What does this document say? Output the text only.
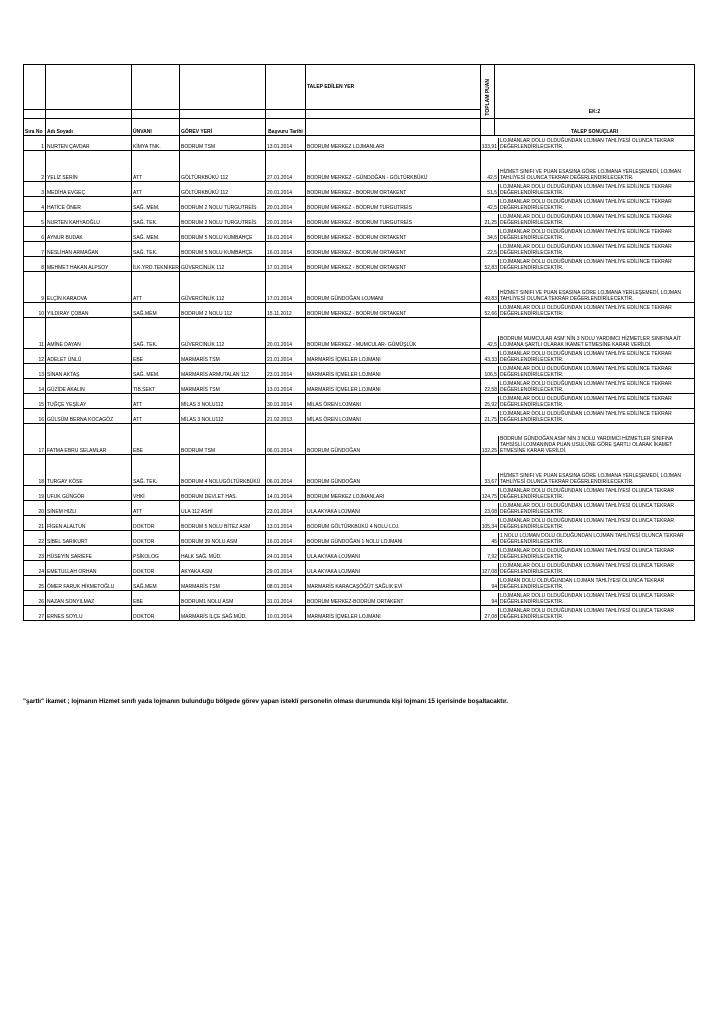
					TALEP EDİLEN YER	TOPLAM PUAN	EK:2

Sıra No	Adı Soyadı	ÜNVANI	GÖREV YERİ	Başvuru Tarihi			TALEP SONUÇLARI
1	NURTEN ÇAVDAR	KİMYA TNK.	BODRUM TSM	13.01.2014	BODRUM MERKEZ LOJMANLARI	133,91
LOJMANLAR DOLU OLDUĞUNDAN LOJMAN TAHLİYESİ OLUNCA TEKRAR DEĞERLENDİRİLECEKTİR.	

2	YELİZ SERİN	ATT	GÖLTÜRKBÜKÜ 112	27.01.2014	BODRUM MERKEZ - GÜNDOĞAN - GÖLTÜRKBÜKÜ	42,5
HİZMET SINIFI VE PUAN ESASINA GÖRE LOJMANA YERLEŞEMEDİ, LOJMAN TAHLİYESİ OLUNCA TEKRAR DEĞERLENDİRİLECEKTİR.	

3	MEDİHA EVGEÇ	ATT	GÖLTÜRKBÜKÜ 112	20.01.2014	BODRUM MERKEZ - BODRUM ORTAKENT	51,5
LOJMANLAR DOLU OLDUĞUNDAN LOJMAN TAHLİYE EDİLİNCE TEKRAR DEĞERLENDİRİLECEKTİR.	

4	HATİCE ÖNER	SAĞ. MEM.	BODRUM 2 NOLU TURGUTREİS	20.01.2014	BODRUM MERKEZ - BODRUM TURGUTREİS	42,5
LOJMANLAR DOLU OLDUĞUNDAN LOJMAN TAHLİYE EDİLİNCE TEKRAR DEĞERLENDİRİLECEKTİR.	

5	NURTEN KAHYAOĞLU	SAĞ. TEK.	BODRUM 2 NOLU TURGUTREİS	20.01.2014	BODRUM MERKEZ - BODRUM TURGUTREİS	21,25
LOJMANLAR DOLU OLDUĞUNDAN LOJMAN TAHLİYE EDİLİNCE TEKRAR DEĞERLENDİRİLECEKTİR.	

6	AYNUR BUDAK	SAĞ. MEM.	BODRUM 5 NOLU KUMBAHÇE	16.01.2014	BODRUM MERKEZ - BODRUM ORTAKENT	34,5
LOJMANLAR DOLU OLDUĞUNDAN LOJMAN TAHLİYE EDİLİNCE TEKRAR DEĞERLENDİRİLECEKTİR.	

7	NESLİHAN ARMAĞAN	SAĞ. TEK.	BODRUM 5 NOLU KUMBAHÇE	16.01.2014	BODRUM MERKEZ - BODRUM ORTAKENT	22,5
LOJMANLAR DOLU OLDUĞUNDAN LOJMAN TAHLİYE EDİLİNCE TEKRAR DEĞERLENDİRİLECEKTİR.	

8	MEHMET HAKAN ALPSOY	İLK.YRD.TEKNİKER	GÜVERCİNLİK 112	17.01.2014	BODRUM MERKEZ - BODRUM ORTAKENT	52,83
LOJMANLAR DOLU OLDUĞUNDAN LOJMAN TAHLİYE EDİLİNCE TEKRAR DEĞERLENDİRİLECEKTİR.	

9	ELÇİN KARAOVA	ATT	GÜVERCİNLİK 112	17.01.2014	BODRUM GÜNDOĞAN LOJMANI	49,83
HİZMET SINIFI VE PUAN ESASINA GÖRE LOJMANA YERLEŞEMEDİ, LOJMAN TAHLİYESİ OLUNCA TEKRAR DEĞERLENDİRİLECEKTİR.	

10	YILDIRAY ÇOBAN	SAĞ.MEM	BODRUM 2 NOLU 112	15.11.2012	BODRUM MERKEZ - BODRUM ORTAKENT	52,66
LOJMANLAR DOLU OLDUĞUNDAN LOJMAN TAHLİYE EDİLİNCE TEKRAR DEĞERLENDİRİLECEKTİR.	

11	AMİNE DAYAN	SAĞ. TEK.	GÜVERCİNLİK 112	20.01.2014	BODRUM MERKEZ - MUMCULAR- GÜMÜŞLÜK	42,5
BODRUM MUMCULAR ASM' NİN 3 NOLU YARDIMCI HİZMETLER SINIFINA AİT LOJMANA ŞARTLI OLARAK İKAMET ETMESİNE KARAR VERİLDİ.	

12	ADELET ÜNLÜ	EBE	MARMARİS TSM	21.01.2014	MARMARİS İÇMELER LOJMANI	43,33
LOJMANLAR DOLU OLDUĞUNDAN LOJMAN TAHLİYE EDİLİNCE TEKRAR DEĞERLENDİRİLECEKTİR.	

13	SİNAN AKTAŞ	SAĞ. MEM.	MARMARİS ARMUTALAN 112	23.01.2014	MARMARİS İÇMELER LOJMANI	106,5
LOJMANLAR DOLU OLDUĞUNDAN LOJMAN TAHLİYE EDİLİNCE TEKRAR DEĞERLENDİRİLECEKTİR.	

14	GÜZİDE AKALIN	TIB.SEKT	MARMARİS TSM	13.01.2014	MARMARİS İÇMELER LOJMANI	22,58
LOJMANLAR DOLU OLDUĞUNDAN LOJMAN TAHLİYE EDİLİNCE TEKRAR DEĞERLENDİRİLECEKTİR.	

15	TUĞÇE YEŞİLAY	ATT	MİLAS 3 NOLU112	30.01.2014	MİLAS ÖREN LOJMANI	25,92
LOJMANLAR DOLU OLDUĞUNDAN LOJMAN TAHLİYE EDİLİNCE TEKRAR DEĞERLENDİRİLECEKTİR.	

16	GÜLSÜM BERNA KOCAGÖZ	ATT	MİLAS 3 NOLU112	21.02.2013	MİLAS ÖREN LOJMANI	21,75
LOJMANLAR DOLU OLDUĞUNDAN LOJMAN TAHLİYE EDİLİNCE TEKRAR DEĞERLENDİRİLECEKTİR.	

17	FATMA EBRU SELAMLAR	EBE	BODRUM TSM	06.01.2014	BODRUM GÜNDOĞAN	132,25
BODRUM GÜNDOĞAN ASM' NİN 3 NOLU YARDIMCI HİZMETLER SINIFINA TAHSİSLİ LOJMANINDA PUAN USULÜNE GÖRE ŞARTLI OLARAK İKAMET ETMESİNE KARAR VERİLDİ.	

18	TURGAY KÖSE	SAĞ. TEK.	BODRUM 4 NOLUGÖLTÜRKBÜKÜ	06.01.2014	BODRUM GÜNDOĞAN	33,67
HİZMET SINIFI VE PUAN ESASINA GÖRE LOJMANA YERLEŞEMEDİ, LOJMAN TAHLİYESİ OLUNCA TEKRAR DEĞERLENDİRİLECEKTİR.	

19	UFUK GÜNGÖR	VHKİ	BODRUM DEVLET HAS.	14.01.2014	BODRUM MERKEZ LOJMANLARI	124,75
LOJMANLAR DOLU OLDUĞUNDAN LOJMAN TAHLİYESİ OLUNCA TEKRAR DEĞERLENDİRİLECEKTİR.	

20	SİNEM HIZLI	ATT	ULA 112 ASHİ	23.01.2014	ULA AKYAKA LOJMANI	23,08
LOJMANLAR DOLU OLDUĞUNDAN LOJMAN TAHLİYESİ OLUNCA TEKRAR DEĞERLENDİRİLECEKTİR.	

21	FİGEN ALALTUN	DOKTOR	BODRUM 5 NOLU BİTEZ ASM	13.01.2014	BODRUM GÖLTÜRKBÜKÜ 4 NOLU LOJ.	105,34
LOJMANLAR DOLU OLDUĞUNDAN LOJMAN TAHLİYESİ OLUNCA TEKRAR DEĞERLENDİRİLECEKTİR.	

22	SİBEL SARIKURT	DOKTOR	BODRUM 39 NOLU ASM	16.01.2014	BODRUM GÜNDOĞAN 1 NOLU LOJMANI	45
1 NOLU LOJMAN DOLU OLDUĞUNDAN LOJMAN TAHLİYESİ OLUNCA TEKRAR DEĞERLENDİRİLECEKTİR.	

23	HÜSEYİN SARIEFE	PSİKOLOG	HALK SAĞ. MÜD.	24.01.2014	ULA AKYAKA LOJMANI	7,92
LOJMANLAR DOLU OLDUĞUNDAN LOJMAN TAHLİYESİ OLUNCA TEKRAR DEĞERLENDİRİLECEKTİR.	

24	EMETULLAH ORHAN	DOKTOR	AKYAKA ASM	29.01.2014	ULA AKYAKA LOJMANI	127,08
LOJMANLAR DOLU OLDUĞUNDAN LOJMAN TAHLİYESİ OLUNCA TEKRAR DEĞERLENDİRİLECEKTİR.	

25	ÖMER FARUK HİKMETOĞLU	SAĞ.MEM	MARMARİS TSM	08.01.2014	MARMARİS KARACAŞÖĞÜT SAĞLIK EVİ	94
LOJMAN DOLU OLDUĞUNDAN LOJMAN TAHLİYESİ OLUNCA TEKRAR DEĞERLENDİRİLECEKTİR.	

26	NAZAN SONYILMAZ	EBE	BODRUM1 NOLU ASM	31.01.2014	BODRUM MERKEZ-BODRUM ORTAKENT	94
LOJMANLAR DOLU OLDUĞUNDAN LOJMAN TAHLİYESİ OLUNCA TEKRAR DEĞERLENDİRİLECEKTİR.	

27	ERNES SOYLU	DOKTOR	MARMARİS İLÇE SAĞ.MÜD.	10.01.2014	MARMARİS İÇMELER LOJMANI	27,08
LOJMANLAR DOLU OLDUĞUNDAN LOJMAN TAHLİYESİ OLUNCA TEKRAR DEĞERLENDİRİLECEKTİR.	
"şartlı" ikamet ; lojmanın Hizmet sınıfı yada lojmanın bulunduğu bölgede görev yapan istekli personelin olması durumunda kişi lojmanı 15 içerisinde boşaltacaktır.
